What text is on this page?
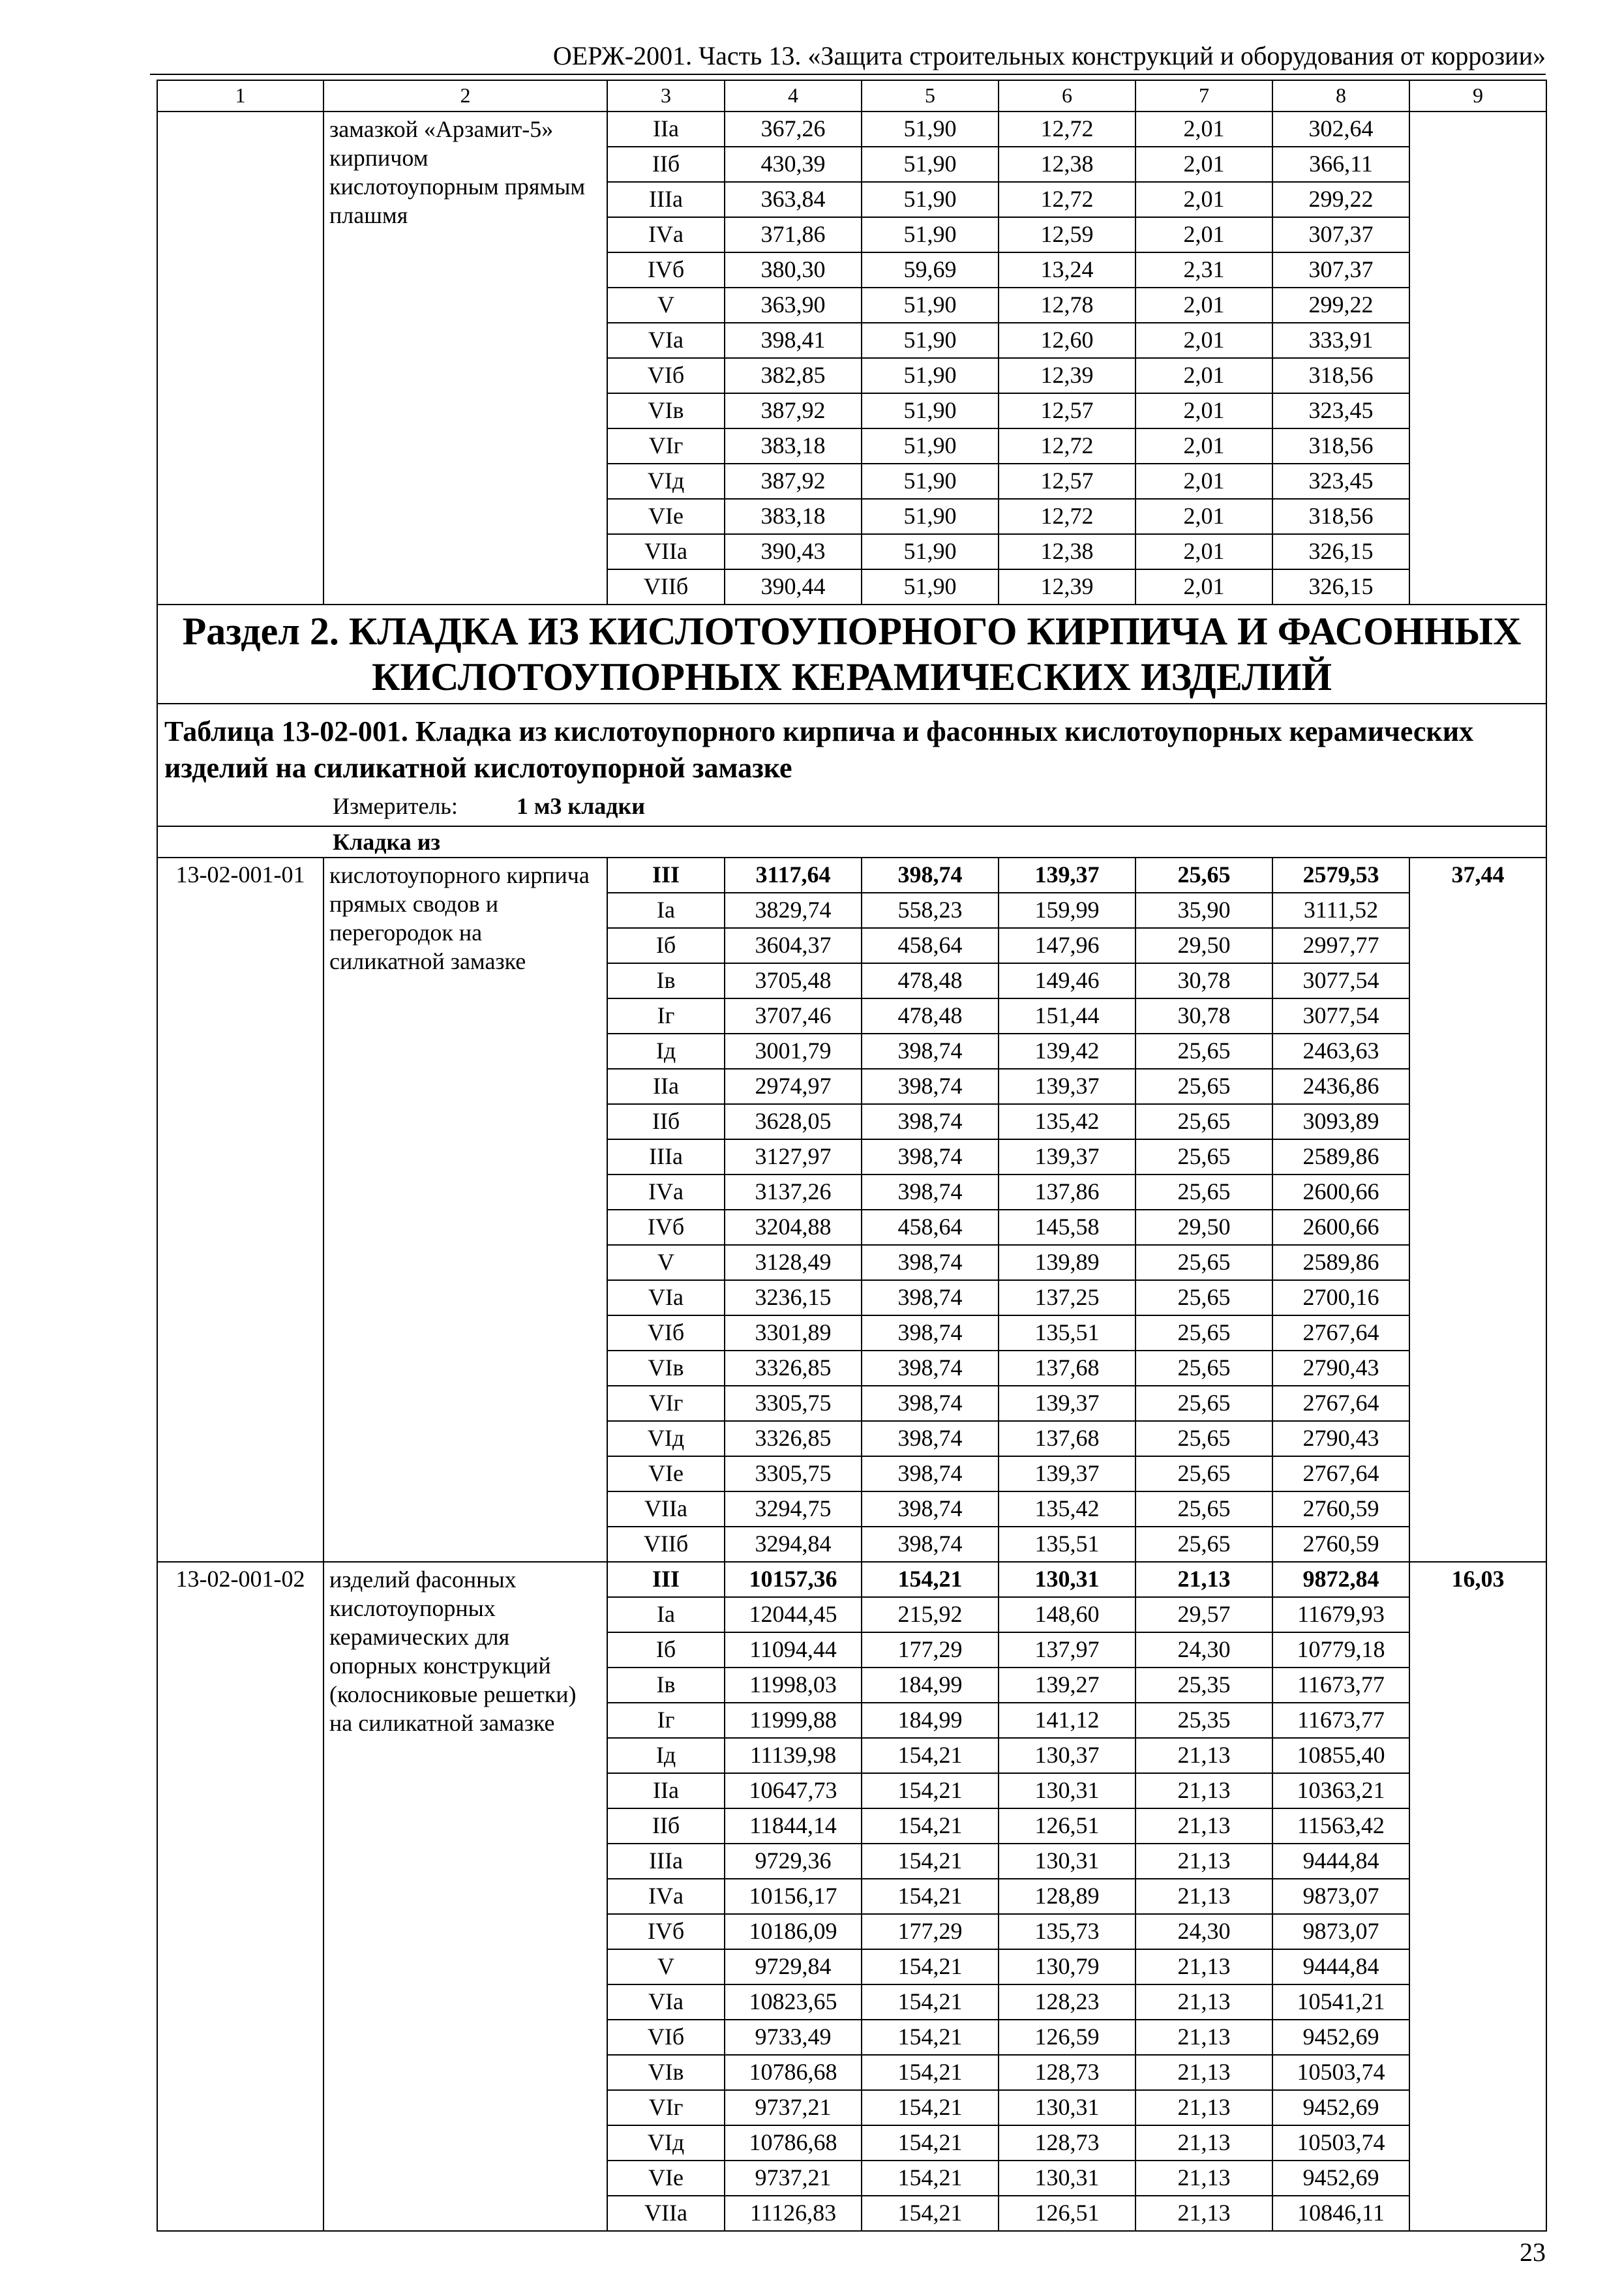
ОЕРЖ-2001. Часть 13. «Защита строительных конструкций и оборудования от коррозии»
1	2	3	4	5	6	7	8	9
	замазкой «Арзамит-5» кирпичом кислотоупорным прямым плашмя	IIа	367,26	51,90	12,72	2,01	302,64	
		IIб	430,39	51,90	12,38	2,01	366,11	
		IIIа	363,84	51,90	12,72	2,01	299,22	
		IVа	371,86	51,90	12,59	2,01	307,37	
		IVб	380,30	59,69	13,24	2,31	307,37	
		V	363,90	51,90	12,78	2,01	299,22	
		VIа	398,41	51,90	12,60	2,01	333,91	
		VIб	382,85	51,90	12,39	2,01	318,56	
		VIв	387,92	51,90	12,57	2,01	323,45	
		VIг	383,18	51,90	12,72	2,01	318,56	
		VIд	387,92	51,90	12,57	2,01	323,45	
		VIе	383,18	51,90	12,72	2,01	318,56	
		VIIа	390,43	51,90	12,38	2,01	326,15	
		VIIб	390,44	51,90	12,39	2,01	326,15	
Раздел 2. КЛАДКА ИЗ КИСЛОТОУПОРНОГО КИРПИЧА И ФАСОННЫХ КИСЛОТОУПОРНЫХ КЕРАМИЧЕСКИХ ИЗДЕЛИЙ								

Таблица 13-02-001. Кладка из кислотоупорного кирпича и фасонных кислотоупорных керамических изделий на силикатной кислотоупорной замазке
Измеритель: 1 м3 кладки								

Кладка из								
13-02-001-01	кислотоупорного кирпича прямых сводов и перегородок на силикатной замазке	III	3117,64	398,74	139,37	25,65	2579,53	37,44
		Iа	3829,74	558,23	159,99	35,90	3111,52	
		Iб	3604,37	458,64	147,96	29,50	2997,77	
		Iв	3705,48	478,48	149,46	30,78	3077,54	
		Iг	3707,46	478,48	151,44	30,78	3077,54	
		Iд	3001,79	398,74	139,42	25,65	2463,63	
		IIа	2974,97	398,74	139,37	25,65	2436,86	
		IIб	3628,05	398,74	135,42	25,65	3093,89	
		IIIа	3127,97	398,74	139,37	25,65	2589,86	
		IVа	3137,26	398,74	137,86	25,65	2600,66	
		IVб	3204,88	458,64	145,58	29,50	2600,66	
		V	3128,49	398,74	139,89	25,65	2589,86	
		VIа	3236,15	398,74	137,25	25,65	2700,16	
		VIб	3301,89	398,74	135,51	25,65	2767,64	
		VIв	3326,85	398,74	137,68	25,65	2790,43	
		VIг	3305,75	398,74	139,37	25,65	2767,64	
		VIд	3326,85	398,74	137,68	25,65	2790,43	
		VIе	3305,75	398,74	139,37	25,65	2767,64	
		VIIа	3294,75	398,74	135,42	25,65	2760,59	
		VIIб	3294,84	398,74	135,51	25,65	2760,59	
13-02-001-02	изделий фасонных кислотоупорных керамических для опорных конструкций (колосниковые решетки) на силикатной замазке	III	10157,36	154,21	130,31	21,13	9872,84	16,03
		Iа	12044,45	215,92	148,60	29,57	11679,93	
		Iб	11094,44	177,29	137,97	24,30	10779,18	
		Iв	11998,03	184,99	139,27	25,35	11673,77	
		Iг	11999,88	184,99	141,12	25,35	11673,77	
		Iд	11139,98	154,21	130,37	21,13	10855,40	
		IIа	10647,73	154,21	130,31	21,13	10363,21	
		IIб	11844,14	154,21	126,51	21,13	11563,42	
		IIIа	9729,36	154,21	130,31	21,13	9444,84	
		IVа	10156,17	154,21	128,89	21,13	9873,07	
		IVб	10186,09	177,29	135,73	24,30	9873,07	
		V	9729,84	154,21	130,79	21,13	9444,84	
		VIа	10823,65	154,21	128,23	21,13	10541,21	
		VIб	9733,49	154,21	126,59	21,13	9452,69	
		VIв	10786,68	154,21	128,73	21,13	10503,74	
		VIг	9737,21	154,21	130,31	21,13	9452,69	
		VIд	10786,68	154,21	128,73	21,13	10503,74	
		VIе	9737,21	154,21	130,31	21,13	9452,69	
		VIIа	11126,83	154,21	126,51	21,13	10846,11	
23
